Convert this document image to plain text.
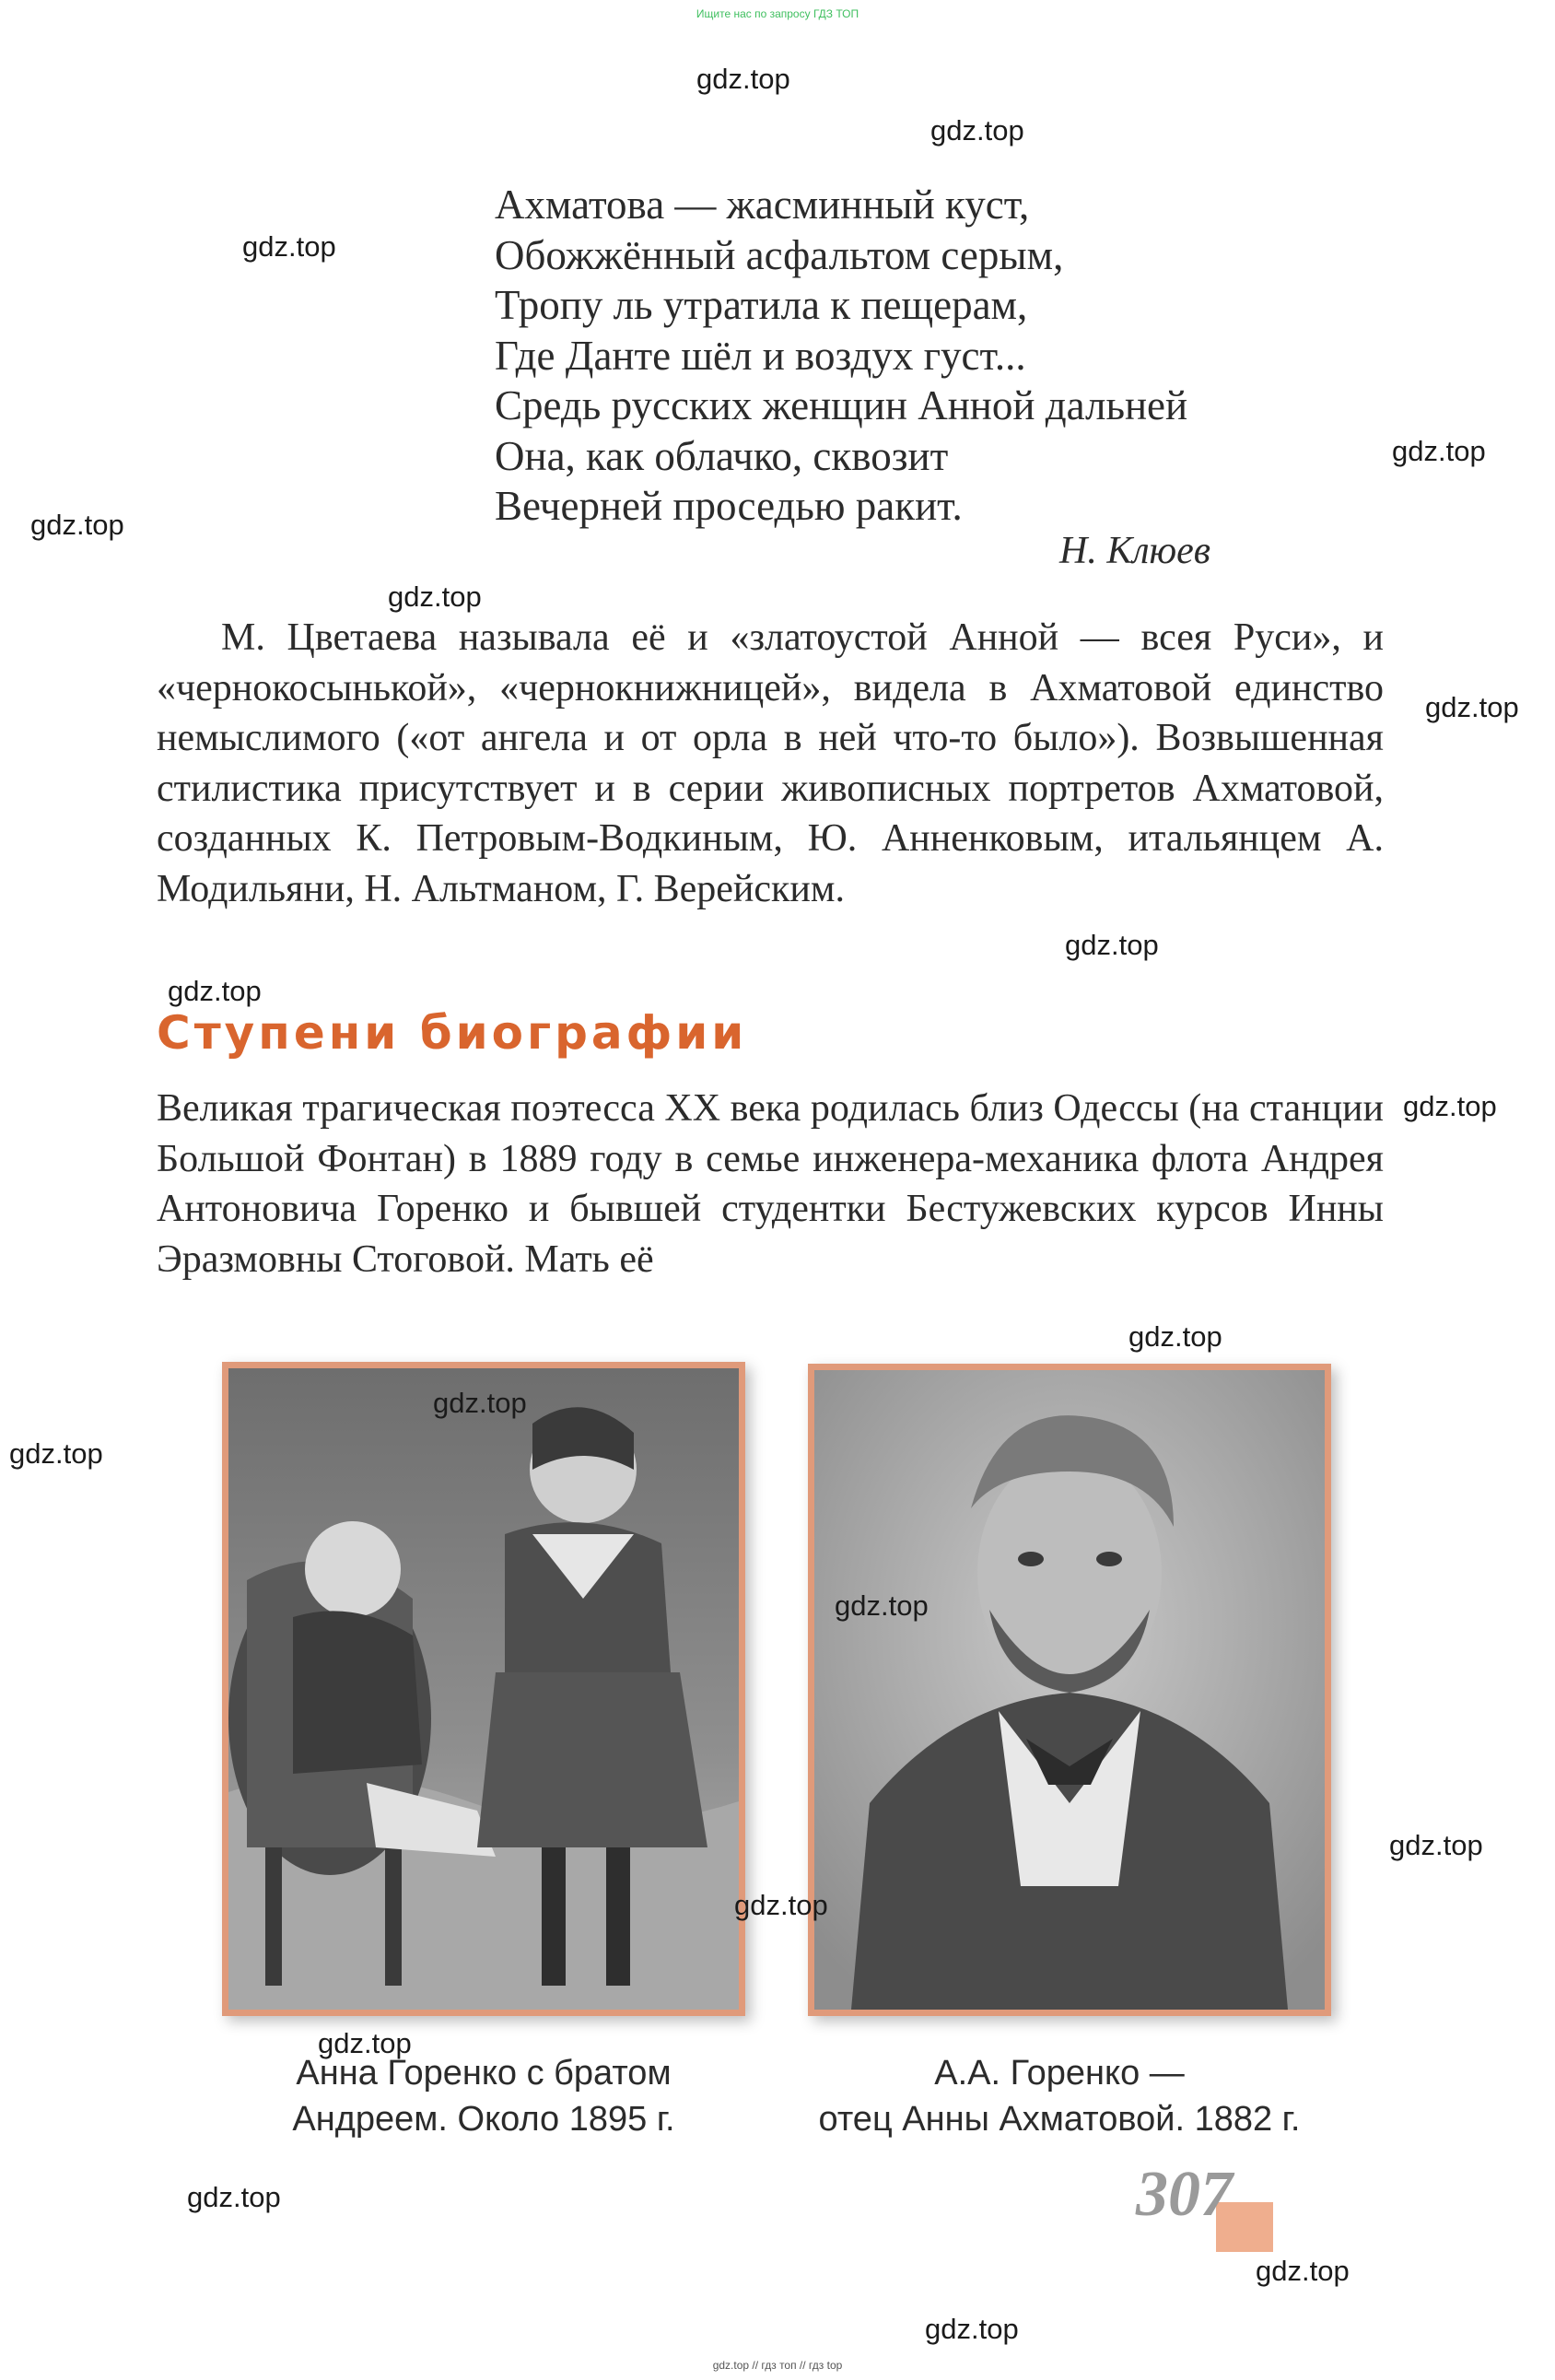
Ищите нас по запросу ГДЗ ТОП
Ахматова — жасминный куст,
Обожжённый асфальтом серым,
Тропу ль утратила к пещерам,
Где Данте шёл и воздух густ...
Средь русских женщин Анной дальней
Она, как облачко, сквозит
Вечерней проседью ракит.
Н. Клюев
М. Цветаева называла её и «златоустой Анной — всея Руси», и «чернокосынькой», «чернокнижницей», видела в Ахматовой единство немыслимого («от ангела и от орла в ней что-то было»). Возвышенная стилистика присутствует и в серии живописных портретов Ахматовой, созданных К. Петровым-Водкиным, Ю. Анненковым, итальянцем А. Модильяни, Н. Альтманом, Г. Верейским.
Ступени биографии
Великая трагическая поэтесса XX века родилась близ Одессы (на станции Большой Фонтан) в 1889 году в семье инженера-механика флота Андрея Антоновича Горенко и бывшей студентки Бестужевских курсов Инны Эразмовны Стоговой. Мать её
Анна Горенко с братом
Андреем. Около 1895 г.
А.А. Горенко —
отец Анны Ахматовой. 1882 г.
307
gdz.top
gdz.top
gdz.top
gdz.top
gdz.top
gdz.top
gdz.top
gdz.top
gdz.top
gdz.top
gdz.top
gdz.top
gdz.top
gdz.top
gdz.top
gdz.top
gdz.top
gdz.top
gdz.top
gdz.top
gdz.top // гдз топ // гдз top
